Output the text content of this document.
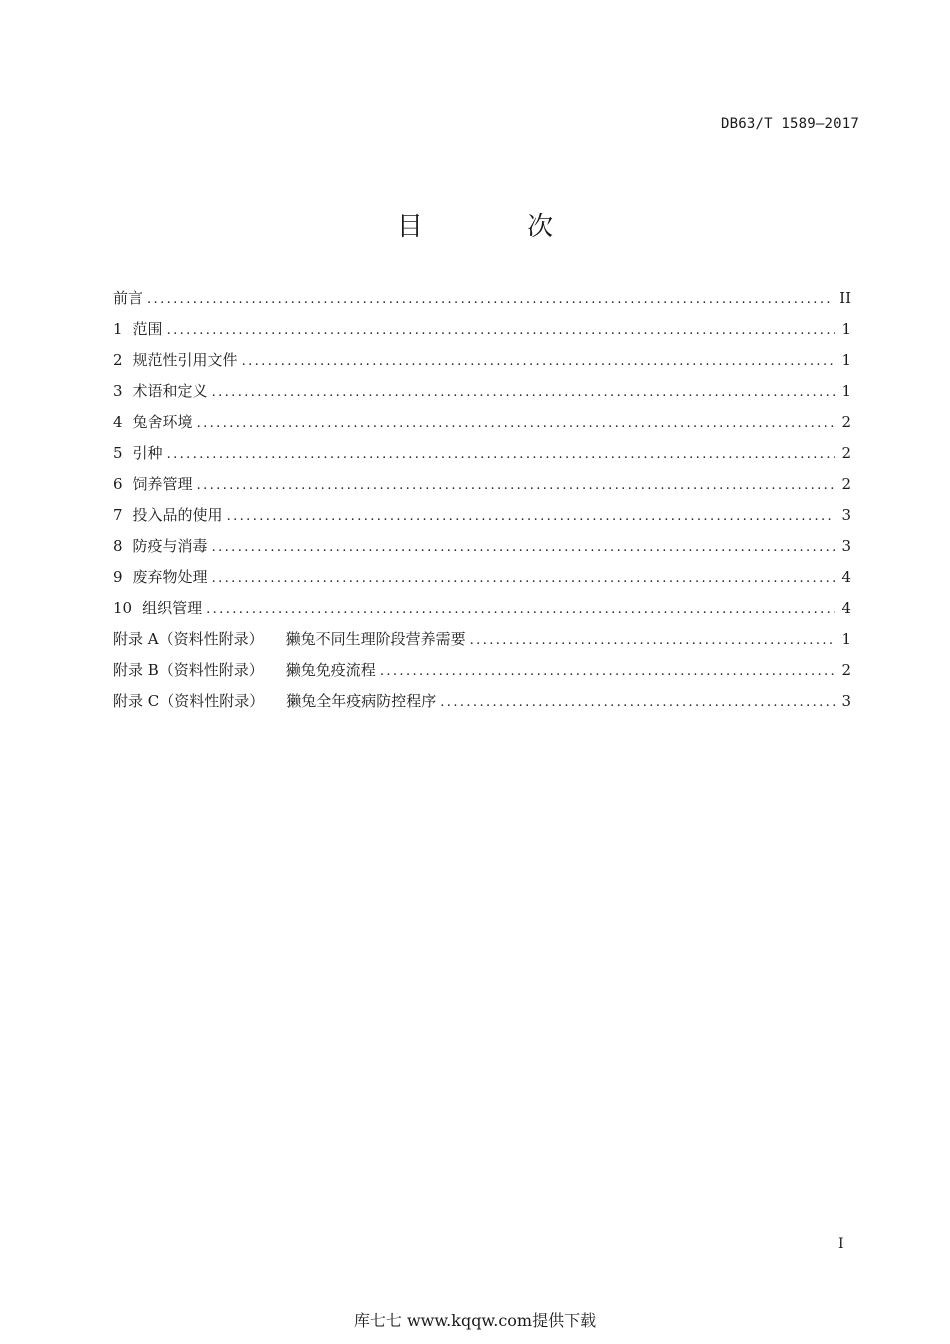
DB63/T 1589—2017
目 次
前言 .....	II
1 范围 .....	1
2 规范性引用文件 .....	1
3 术语和定义 .....	1
4 兔舍环境 .....	2
5 引种 .....	2
6 饲养管理 .....	2
7 投入品的使用 .....	3
8 防疫与消毒 .....	3
9 废弃物处理 .....	4
10 组织管理 .....	4
附录 A（资料性附录） 獭兔不同生理阶段营养需要 .....	1
附录 B（资料性附录） 獭兔免疫流程 .....	2
附录 C（资料性附录） 獭兔全年疫病防控程序 .....	3
I
库七七 www.kqqw.com提供下载
